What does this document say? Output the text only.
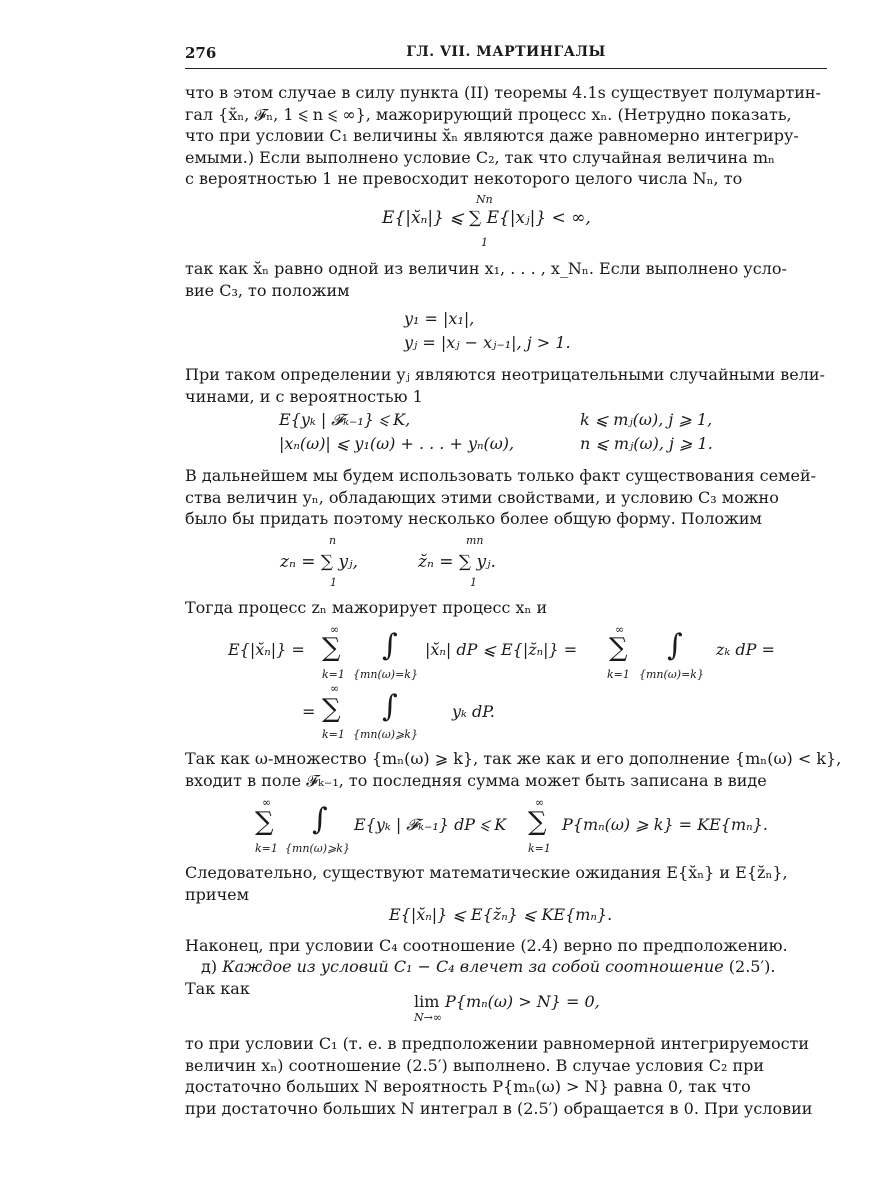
276	ГЛ. VII. МАРТИНГАЛЫ
что в этом случае в силу пункта (II) теоремы 4.1s существует полумартин-
гал {x̆ₙ, 𝓕ₙ, 1 ⩽ n ⩽ ∞}, мажорирующий процесс xₙ. (Нетрудно показать,
что при условии C₁ величины x̆ₙ являются даже равномерно интегриру-
емыми.) Если выполнено условие C₂, так что случайная величина mₙ
с вероятностью 1 не превосходит некоторого целого числа Nₙ, то
Nn
E{|x̆ₙ|} ⩽ ∑ E{|xⱼ|} < ∞,
1
так как x̆ₙ равно одной из величин x₁, . . . , x_Nₙ. Если выполнено усло-
вие C₃, то положим
y₁ = |x₁|,
yⱼ = |xⱼ − xⱼ₋₁|, j > 1.
При таком определении yⱼ являются неотрицательными случайными вели-
чинами, и с вероятностью 1
E{yₖ | 𝓕ₖ₋₁} ⩽ K,	k ⩽ mⱼ(ω), j ⩾ 1,
|xₙ(ω)| ⩽ y₁(ω) + . . . + yₙ(ω),	n ⩽ mⱼ(ω), j ⩾ 1.
В дальнейшем мы будем использовать только факт существования семей-
ства величин yₙ, обладающих этими свойствами, и условию C₃ можно
было бы придать поэтому несколько более общую форму. Положим
n	mn
zₙ = ∑ yⱼ,	z̆ₙ = ∑ yⱼ.
1	1
Тогда процесс zₙ мажорирует процесс xₙ и
∞	∞
E{|x̆ₙ|} = ∑ ∫ |x̆ₙ| dP ⩽ E{|z̆ₙ|} = ∑ ∫ zₖ dP =
k=1 {mn(ω)=k}	k=1 {mn(ω)=k}
∞
= ∑ ∫	yₖ dP.
k=1 {mn(ω)⩾k}
Так как ω-множество {mₙ(ω) ⩾ k}, так же как и его дополнение {mₙ(ω) < k},
входит в поле 𝓕ₖ₋₁, то последняя сумма может быть записана в виде
∞	∞
∑ ∫ E{yₖ | 𝓕ₖ₋₁} dP ⩽ K ∑ P{mₙ(ω) ⩾ k} = KE{mₙ}.
k=1 {mn(ω)⩾k}	k=1
Следовательно, существуют математические ожидания E{x̆ₙ} и E{z̆ₙ},
причем
E{|x̆ₙ|} ⩽ E{z̆ₙ} ⩽ KE{mₙ}.
Наконец, при условии C₄ соотношение (2.4) верно по предположению.
 д) Каждое из условий C₁ − C₄ влечет за собой соотношение (2.5′).
Так как
lim P{mₙ(ω) > N} = 0,
N→∞
то при условии C₁ (т. е. в предположении равномерной интегрируемости
величин xₙ) соотношение (2.5′) выполнено. В случае условия C₂ при
достаточно больших N вероятность P{mₙ(ω) > N} равна 0, так что
при достаточно больших N интеграл в (2.5′) обращается в 0. При условии
